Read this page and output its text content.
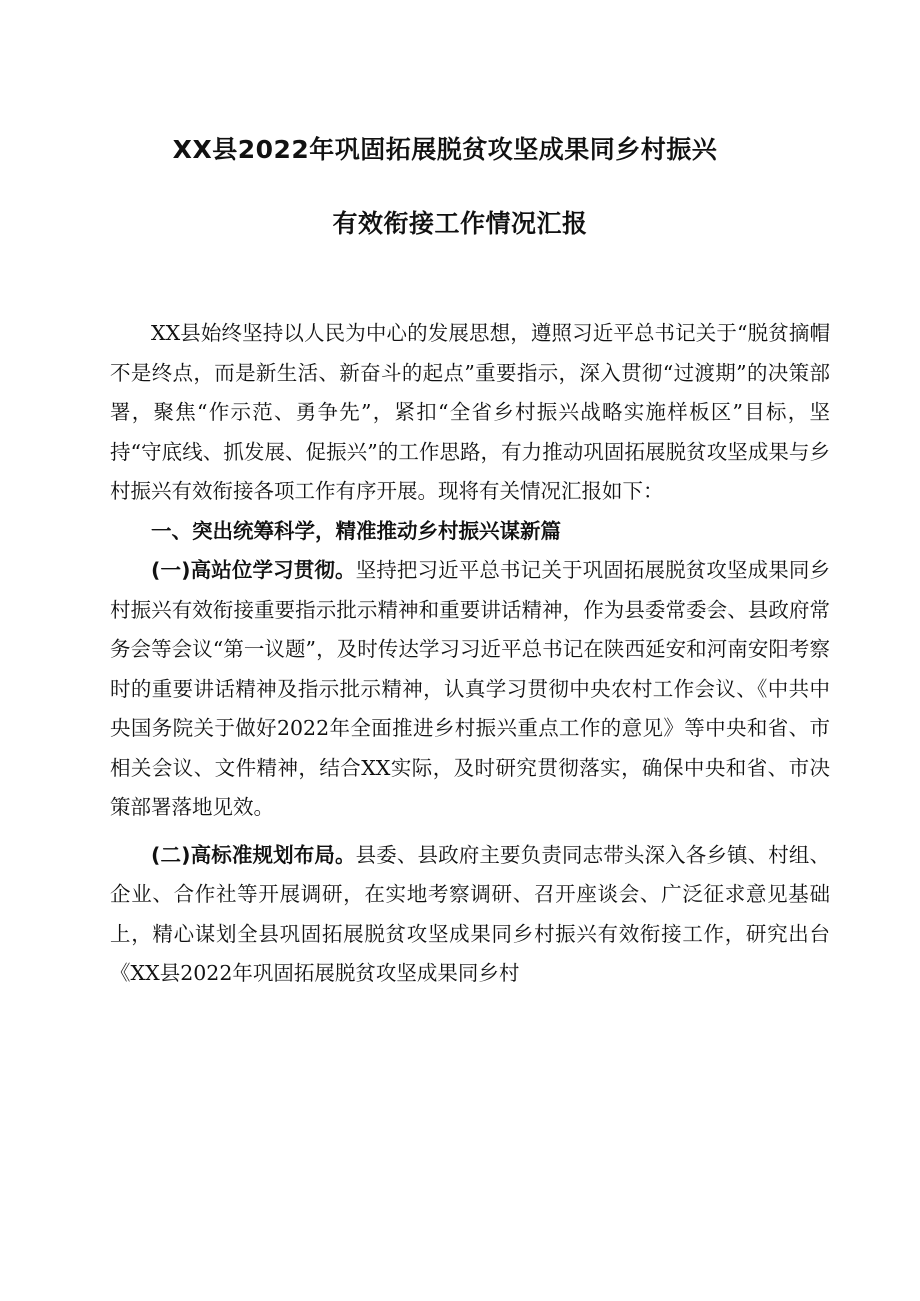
XX县2022年巩固拓展脱贫攻坚成果同乡村振兴
有效衔接工作情况汇报

XX县始终坚持以人民为中心的发展思想，遵照习近平总书记关于“脱贫摘帽不是终点，而是新生活、新奋斗的起点”重要指示，深入贯彻“过渡期”的决策部署，聚焦“作示范、勇争先”，紧扣“全省乡村振兴战略实施样板区”目标，坚持“守底线、抓发展、促振兴”的工作思路，有力推动巩固拓展脱贫攻坚成果与乡村振兴有效衔接各项工作有序开展。现将有关情况汇报如下：

一、突出统筹科学，精准推动乡村振兴谋新篇

(一)高站位学习贯彻。坚持把习近平总书记关于巩固拓展脱贫攻坚成果同乡村振兴有效衔接重要指示批示精神和重要讲话精神，作为县委常委会、县政府常务会等会议“第一议题”，及时传达学习习近平总书记在陕西延安和河南安阳考察时的重要讲话精神及指示批示精神，认真学习贯彻中央农村工作会议、《中共中央国务院关于做好2022年全面推进乡村振兴重点工作的意见》等中央和省、市相关会议、文件精神，结合XX实际，及时研究贯彻落实，确保中央和省、市决策部署落地见效。

(二)高标准规划布局。县委、县政府主要负责同志带头深入各乡镇、村组、企业、合作社等开展调研，在实地考察调研、召开座谈会、广泛征求意见基础上，精心谋划全县巩固拓展脱贫攻坚成果同乡村振兴有效衔接工作，研究出台《XX县2022年巩固拓展脱贫攻坚成果同乡村
